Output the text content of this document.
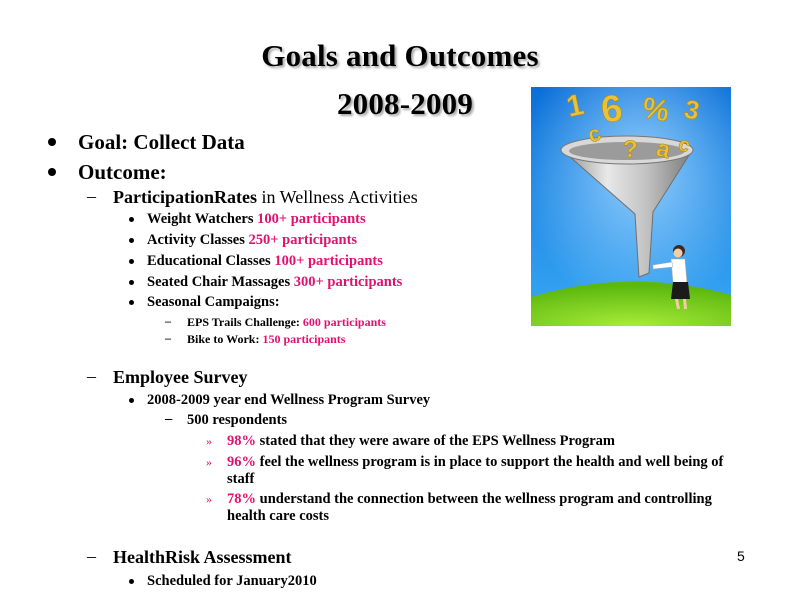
Goals and Outcomes
2008-2009
Goal: Collect Data
Outcome:
– ParticipationRates in Wellness Activities
Weight Watchers 100+ participants
Activity Classes 250+ participants
Educational Classes 100+ participants
Seated Chair Massages 300+ participants
Seasonal Campaigns:
– EPS Trails Challenge: 600 participants
– Bike to Work: 150 participants
– Employee Survey
2008-2009 year end Wellness Program Survey
– 500 respondents
» 98% stated that they were aware of the EPS Wellness Program
» 96% feel the wellness program is in place to support the health and well being of staff
» 78% understand the connection between the wellness program and controlling health care costs
– HealthRisk Assessment
Scheduled for January2010
5
1 6 % 3
c
? a c
